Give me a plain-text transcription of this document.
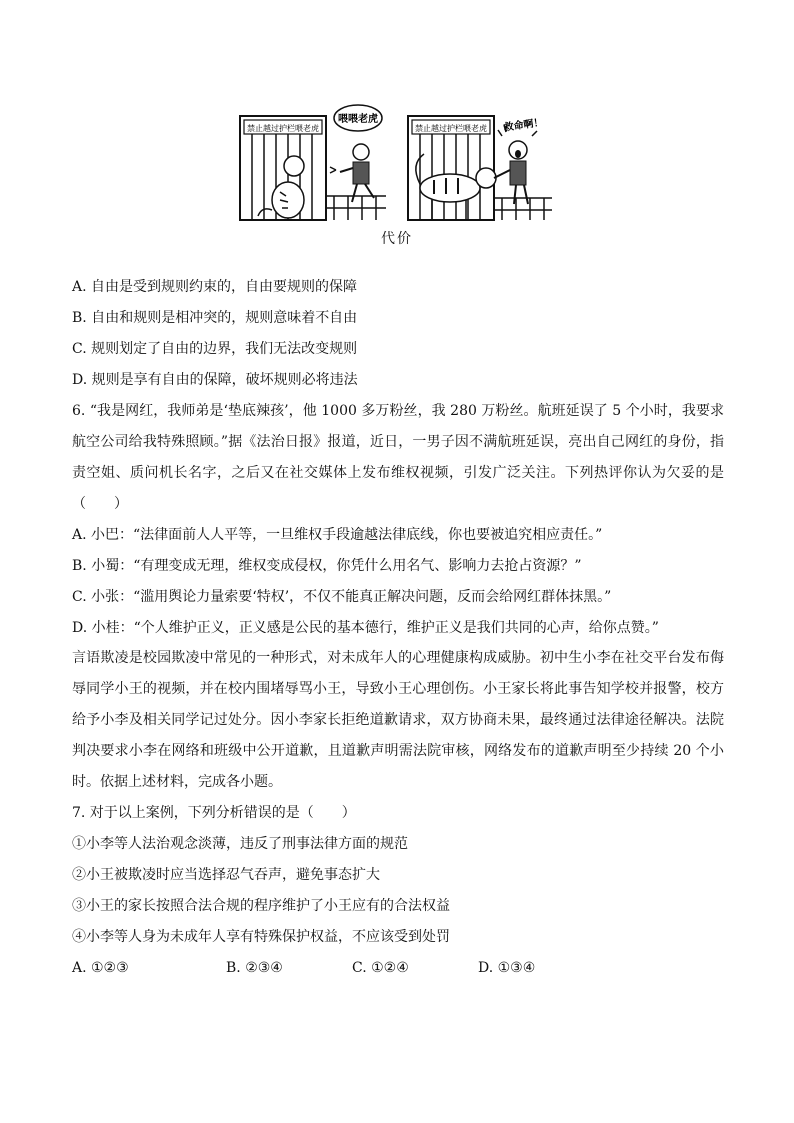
禁止越过护栏喂老虎
喂喂老虎
禁止越过护栏喂老虎 救命啊！
代价
A. 自由是受到规则约束的，自由要规则的保障
B. 自由和规则是相冲突的，规则意味着不自由
C. 规则划定了自由的边界，我们无法改变规则
D. 规则是享有自由的保障，破坏规则必将违法
6. “我是网红，我师弟是‘垫底辣孩’，他 1000 多万粉丝，我 280 万粉丝。航班延误了 5 个小时，我要求航空公司给我特殊照顾。”据《法治日报》报道，近日，一男子因不满航班延误，亮出自己网红的身份，指责空姐、质问机长名字，之后又在社交媒体上发布维权视频，引发广泛关注。下列热评你认为欠妥的是（　　）
A. 小巴：“法律面前人人平等，一旦维权手段逾越法律底线，你也要被追究相应责任。”
B. 小蜀：“有理变成无理，维权变成侵权，你凭什么用名气、影响力去抢占资源？”
C. 小张：“滥用舆论力量索要‘特权’，不仅不能真正解决问题，反而会给网红群体抹黑。”
D. 小桂：“个人维护正义，正义感是公民的基本德行，维护正义是我们共同的心声，给你点赞。”
言语欺凌是校园欺凌中常见的一种形式，对未成年人的心理健康构成威胁。初中生小李在社交平台发布侮辱同学小王的视频，并在校内围堵辱骂小王，导致小王心理创伤。小王家长将此事告知学校并报警，校方给予小李及相关同学记过处分。因小李家长拒绝道歉请求，双方协商未果，最终通过法律途径解决。法院判决要求小李在网络和班级中公开道歉，且道歉声明需法院审核，网络发布的道歉声明至少持续 20 个小时。依据上述材料，完成各小题。
7. 对于以上案例，下列分析错误的是（　　）
①小李等人法治观念淡薄，违反了刑事法律方面的规范
②小王被欺凌时应当选择忍气吞声，避免事态扩大
③小王的家长按照合法合规的程序维护了小王应有的合法权益
④小李等人身为未成年人享有特殊保护权益，不应该受到处罚
A. ①②③	B. ②③④	C. ①②④	D. ①③④
